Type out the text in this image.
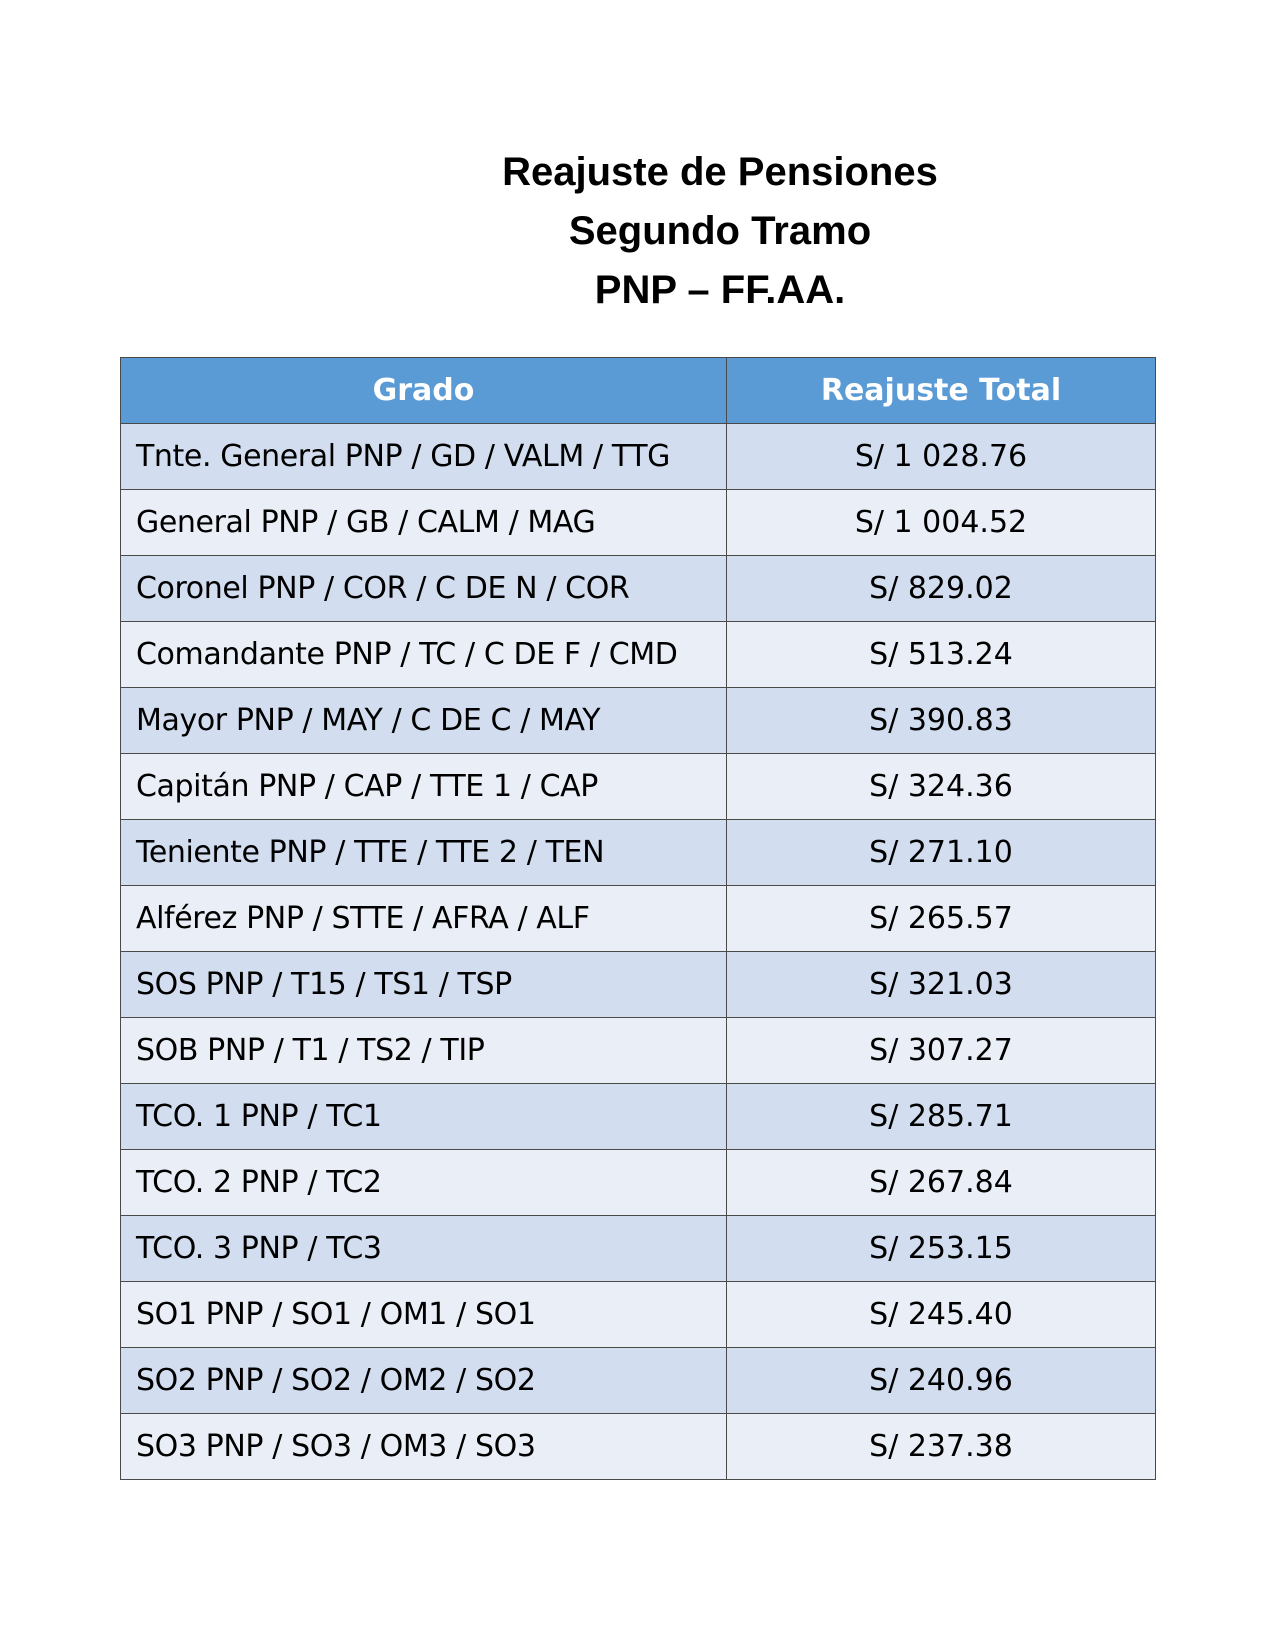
Reajuste de Pensiones
Segundo Tramo
PNP – FF.AA.
Grado	Reajuste Total
Tnte. General PNP / GD / VALM / TTG	S/ 1 028.76
General PNP / GB / CALM / MAG	S/ 1 004.52
Coronel PNP / COR / C DE N / COR	S/ 829.02
Comandante PNP / TC / C DE F / CMD	S/ 513.24
Mayor PNP / MAY / C DE C / MAY	S/ 390.83
Capitán PNP / CAP / TTE 1 / CAP	S/ 324.36
Teniente PNP / TTE / TTE 2 / TEN	S/ 271.10
Alférez PNP / STTE / AFRA / ALF	S/ 265.57
SOS PNP / T15 / TS1 / TSP	S/ 321.03
SOB PNP / T1 / TS2 / TIP	S/ 307.27
TCO. 1 PNP / TC1	S/ 285.71
TCO. 2 PNP / TC2	S/ 267.84
TCO. 3 PNP / TC3	S/ 253.15
SO1 PNP / SO1 / OM1 / SO1	S/ 245.40
SO2 PNP / SO2 / OM2 / SO2	S/ 240.96
SO3 PNP / SO3 / OM3 / SO3	S/ 237.38
